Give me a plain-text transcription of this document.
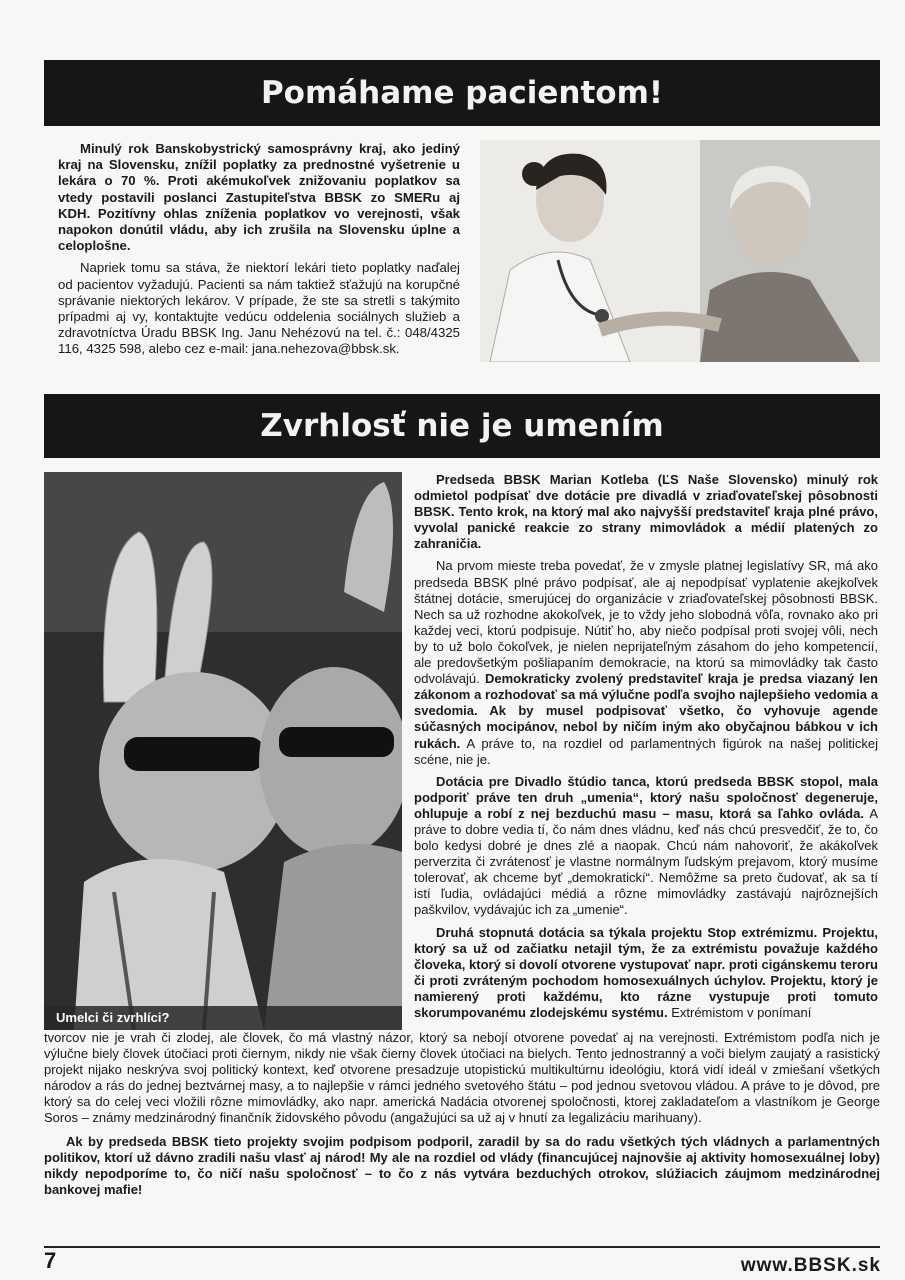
Pomáhame pacientom!

Minulý rok Banskobystrický samosprávny kraj, ako jediný kraj na Slovensku, znížil poplatky za prednostné vyšetrenie u lekára o 70 %. Proti akémukoľvek znižovaniu poplatkov sa vtedy postavili poslanci Zastupiteľstva BBSK zo SMERu aj KDH. Pozitívny ohlas zníženia poplatkov vo verejnosti, však napokon donútil vládu, aby ich zrušila na Slovensku úplne a celoplošne.

Napriek tomu sa stáva, že niektorí lekári tieto poplatky naďalej od pacientov vyžadujú. Pacienti sa nám taktiež sťažujú na korupčné správanie niektorých lekárov. V prípade, že ste sa stretli s takýmito prípadmi aj vy, kontaktujte vedúcu oddelenia sociálnych služieb a zdravotníctva Úradu BBSK Ing. Janu Nehézovú na tel. č.: 048/4325 116, 4325 598, alebo cez e-mail: jana.nehezova@bbsk.sk.

Zvrhlosť nie je umením
Umelci či zvrhlíci?

Predseda BBSK Marian Kotleba (ĽS Naše Slovensko) minulý rok odmietol podpísať dve dotácie pre divadlá v zriaďovateľskej pôsobnosti BBSK. Tento krok, na ktorý mal ako najvyšší predstaviteľ kraja plné právo, vyvolal panické reakcie zo strany mimovládok a médií platených zo zahraničia.

Na prvom mieste treba povedať, že v zmysle platnej legislatívy SR, má ako predseda BBSK plné právo podpísať, ale aj nepodpísať vyplatenie akejkoľvek štátnej dotácie, smerujúcej do organizácie v zriaďovateľskej pôsobnosti BBSK. Nech sa už rozhodne akokoľvek, je to vždy jeho slobodná vôľa, rovnako ako pri každej veci, ktorú podpisuje. Nútiť ho, aby niečo podpísal proti svojej vôli, nech by to už bolo čokoľvek, je nielen neprijateľným zásahom do jeho kompetencií, ale predovšetkým pošliapaním demokracie, na ktorú sa mimovládky tak často odvolávajú. Demokraticky zvolený predstaviteľ kraja je predsa viazaný len zákonom a rozhodovať sa má výlučne podľa svojho najlepšieho vedomia a svedomia. Ak by musel podpisovať všetko, čo vyhovuje agende súčasných mocipánov, nebol by ničím iným ako obyčajnou bábkou v ich rukách. A práve to, na rozdiel od parlamentných figúrok na našej politickej scéne, nie je.

Dotácia pre Divadlo štúdio tanca, ktorú predseda BBSK stopol, mala podporiť práve ten druh „umenia“, ktorý našu spoločnosť degeneruje, ohlupuje a robí z nej bezduchú masu – masu, ktorá sa ľahko ovláda. A práve to dobre vedia tí, čo nám dnes vládnu, keď nás chcú presvedčiť, že to, čo bolo kedysi dobré je dnes zlé a naopak. Chcú nám nahovoriť, že akákoľvek perverzita či zvrátenosť je vlastne normálnym ľudským prejavom, ktorý musíme tolerovať, ak chceme byť „demokratickí“. Nemôžme sa preto čudovať, ak sa tí istí ľudia, ovládajúci médiá a rôzne mimovládky zastávajú najrôznejších paškvilov, vydávajúc ich za „umenie“.

Druhá stopnutá dotácia sa týkala projektu Stop extrémizmu. Projektu, ktorý sa už od začiatku netajil tým, že za extrémistu považuje každého človeka, ktorý si dovolí otvorene vystupovať napr. proti cigánskemu teroru či proti zvráteným pochodom homosexuálnych úchylov. Projektu, ktorý je namierený proti každému, kto rázne vystupuje proti tomuto skorumpovanému zlodejskému systému. Extrémistom v ponímaní

tvorcov nie je vrah či zlodej, ale človek, čo má vlastný názor, ktorý sa nebojí otvorene povedať aj na verejnosti. Extrémistom podľa nich je výlučne biely človek útočiaci proti čiernym, nikdy nie však čierny človek útočiaci na bielych. Tento jednostranný a voči bielym zaujatý a rasistický projekt nijako neskrýva svoj politický kontext, keď otvorene presadzuje utopistickú multikultúrnu ideológiu, ktorá vidí ideál v zmiešaní všetkých národov a rás do jednej beztvárnej masy, a to najlepšie v rámci jedného svetového štátu – pod jednou svetovou vládou. A práve to je dôvod, pre ktorý sa do celej veci vložili rôzne mimovládky, ako napr. americká Nadácia otvorenej spoločnosti, ktorej zakladateľom a vlastníkom je George Soros – známy medzinárodný finančník židovského pôvodu (angažujúci sa už aj v hnutí za legalizáciu marihuany).

Ak by predseda BBSK tieto projekty svojim podpisom podporil, zaradil by sa do radu všetkých tých vládnych a parlamentných politikov, ktorí už dávno zradili našu vlasť aj národ! My ale na rozdiel od vlády (financujúcej najnovšie aj aktivity homosexuálnej loby) nikdy nepodporíme to, čo ničí našu spoločnosť – to čo z nás vytvára bezduchých otrokov, slúžiacich záujmom medzinárodnej bankovej mafie!

7	www.BBSK.sk
